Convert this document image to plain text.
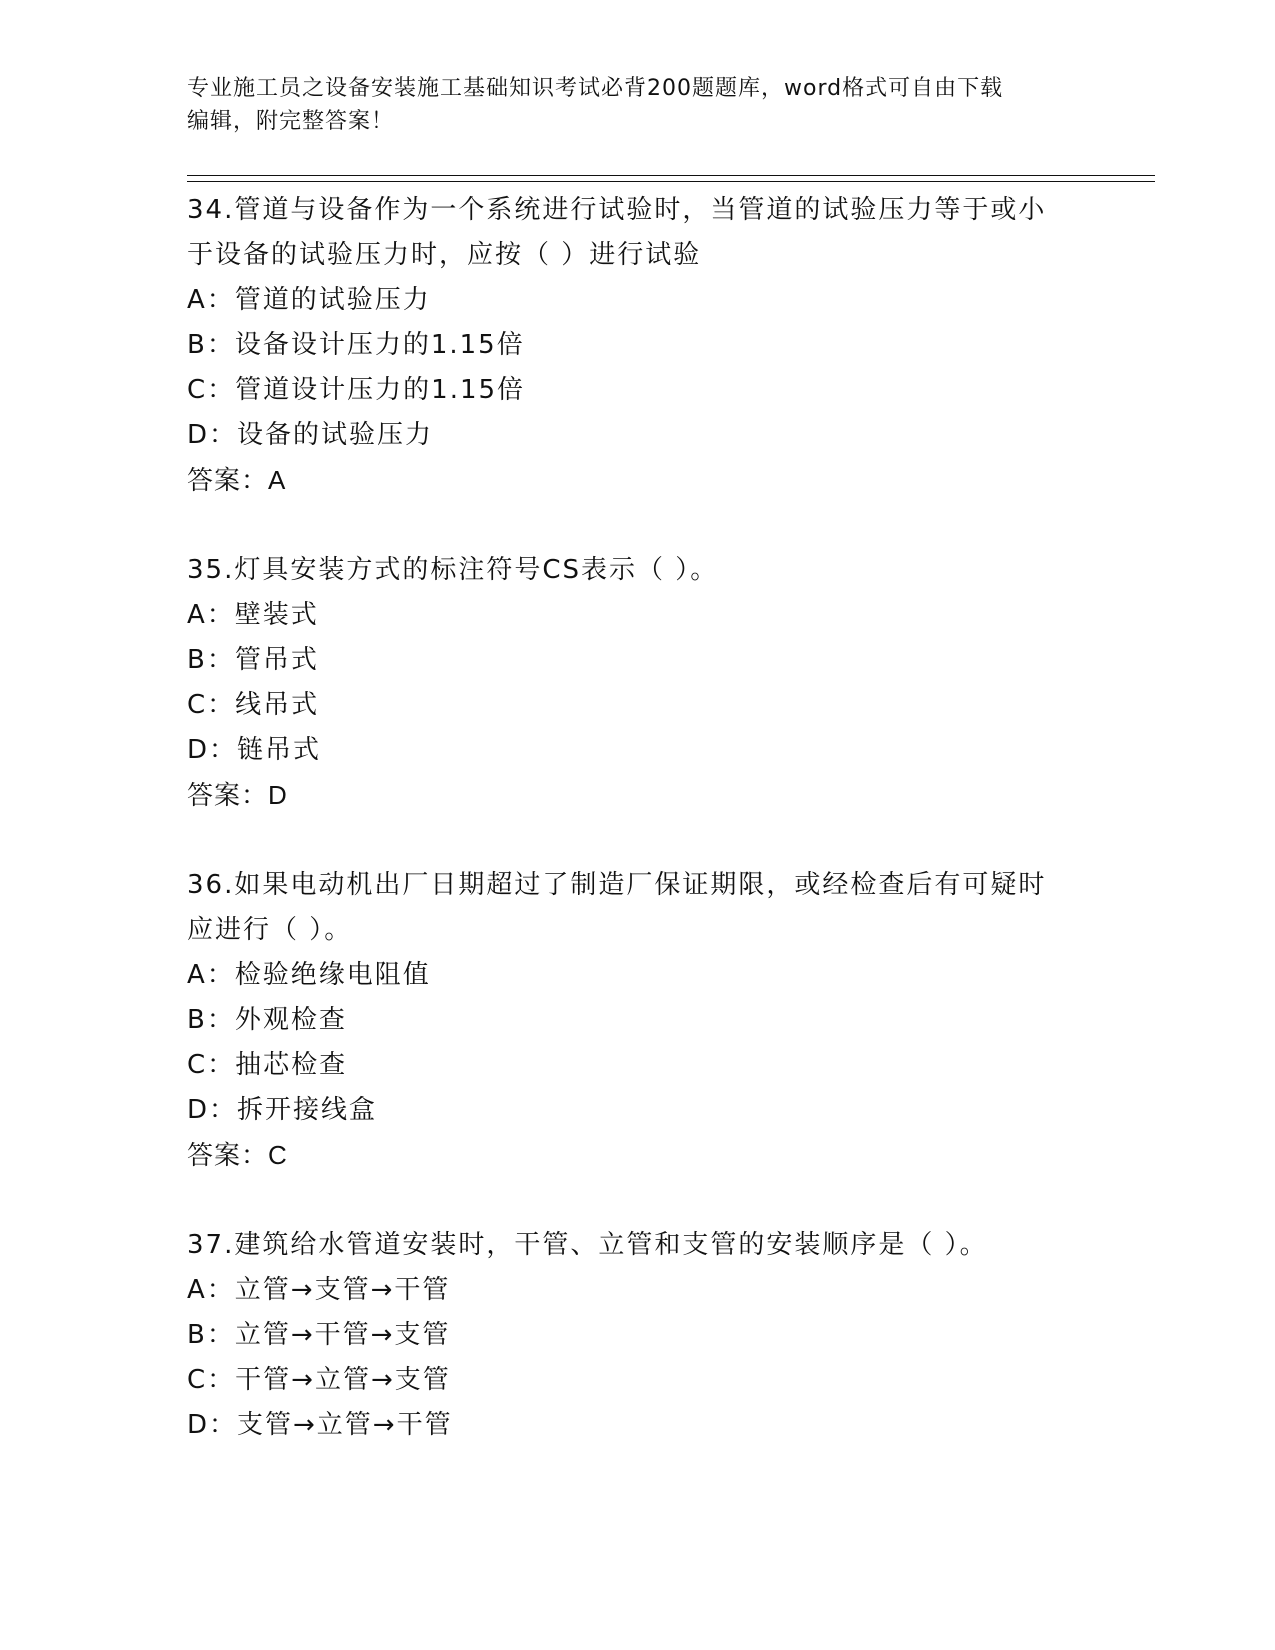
专业施工员之设备安装施工基础知识考试必背200题题库，word格式可自由下载
编辑，附完整答案！

34.管道与设备作为一个系统进行试验时，当管道的试验压力等于或小

于设备的试验压力时，应按（ ）进行试验

A：管道的试验压力

B：设备设计压力的1.15倍

C：管道设计压力的1.15倍

D：设备的试验压力

答案：A

35.灯具安装方式的标注符号CS表示（ ）。

A：壁装式

B：管吊式

C：线吊式

D：链吊式

答案：D

36.如果电动机出厂日期超过了制造厂保证期限，或经检查后有可疑时

应进行（ ）。

A：检验绝缘电阻值

B：外观检查

C：抽芯检查

D：拆开接线盒

答案：C

37.建筑给水管道安装时，干管、立管和支管的安装顺序是（ ）。

A：立管→支管→干管

B：立管→干管→支管

C：干管→立管→支管

D：支管→立管→干管
